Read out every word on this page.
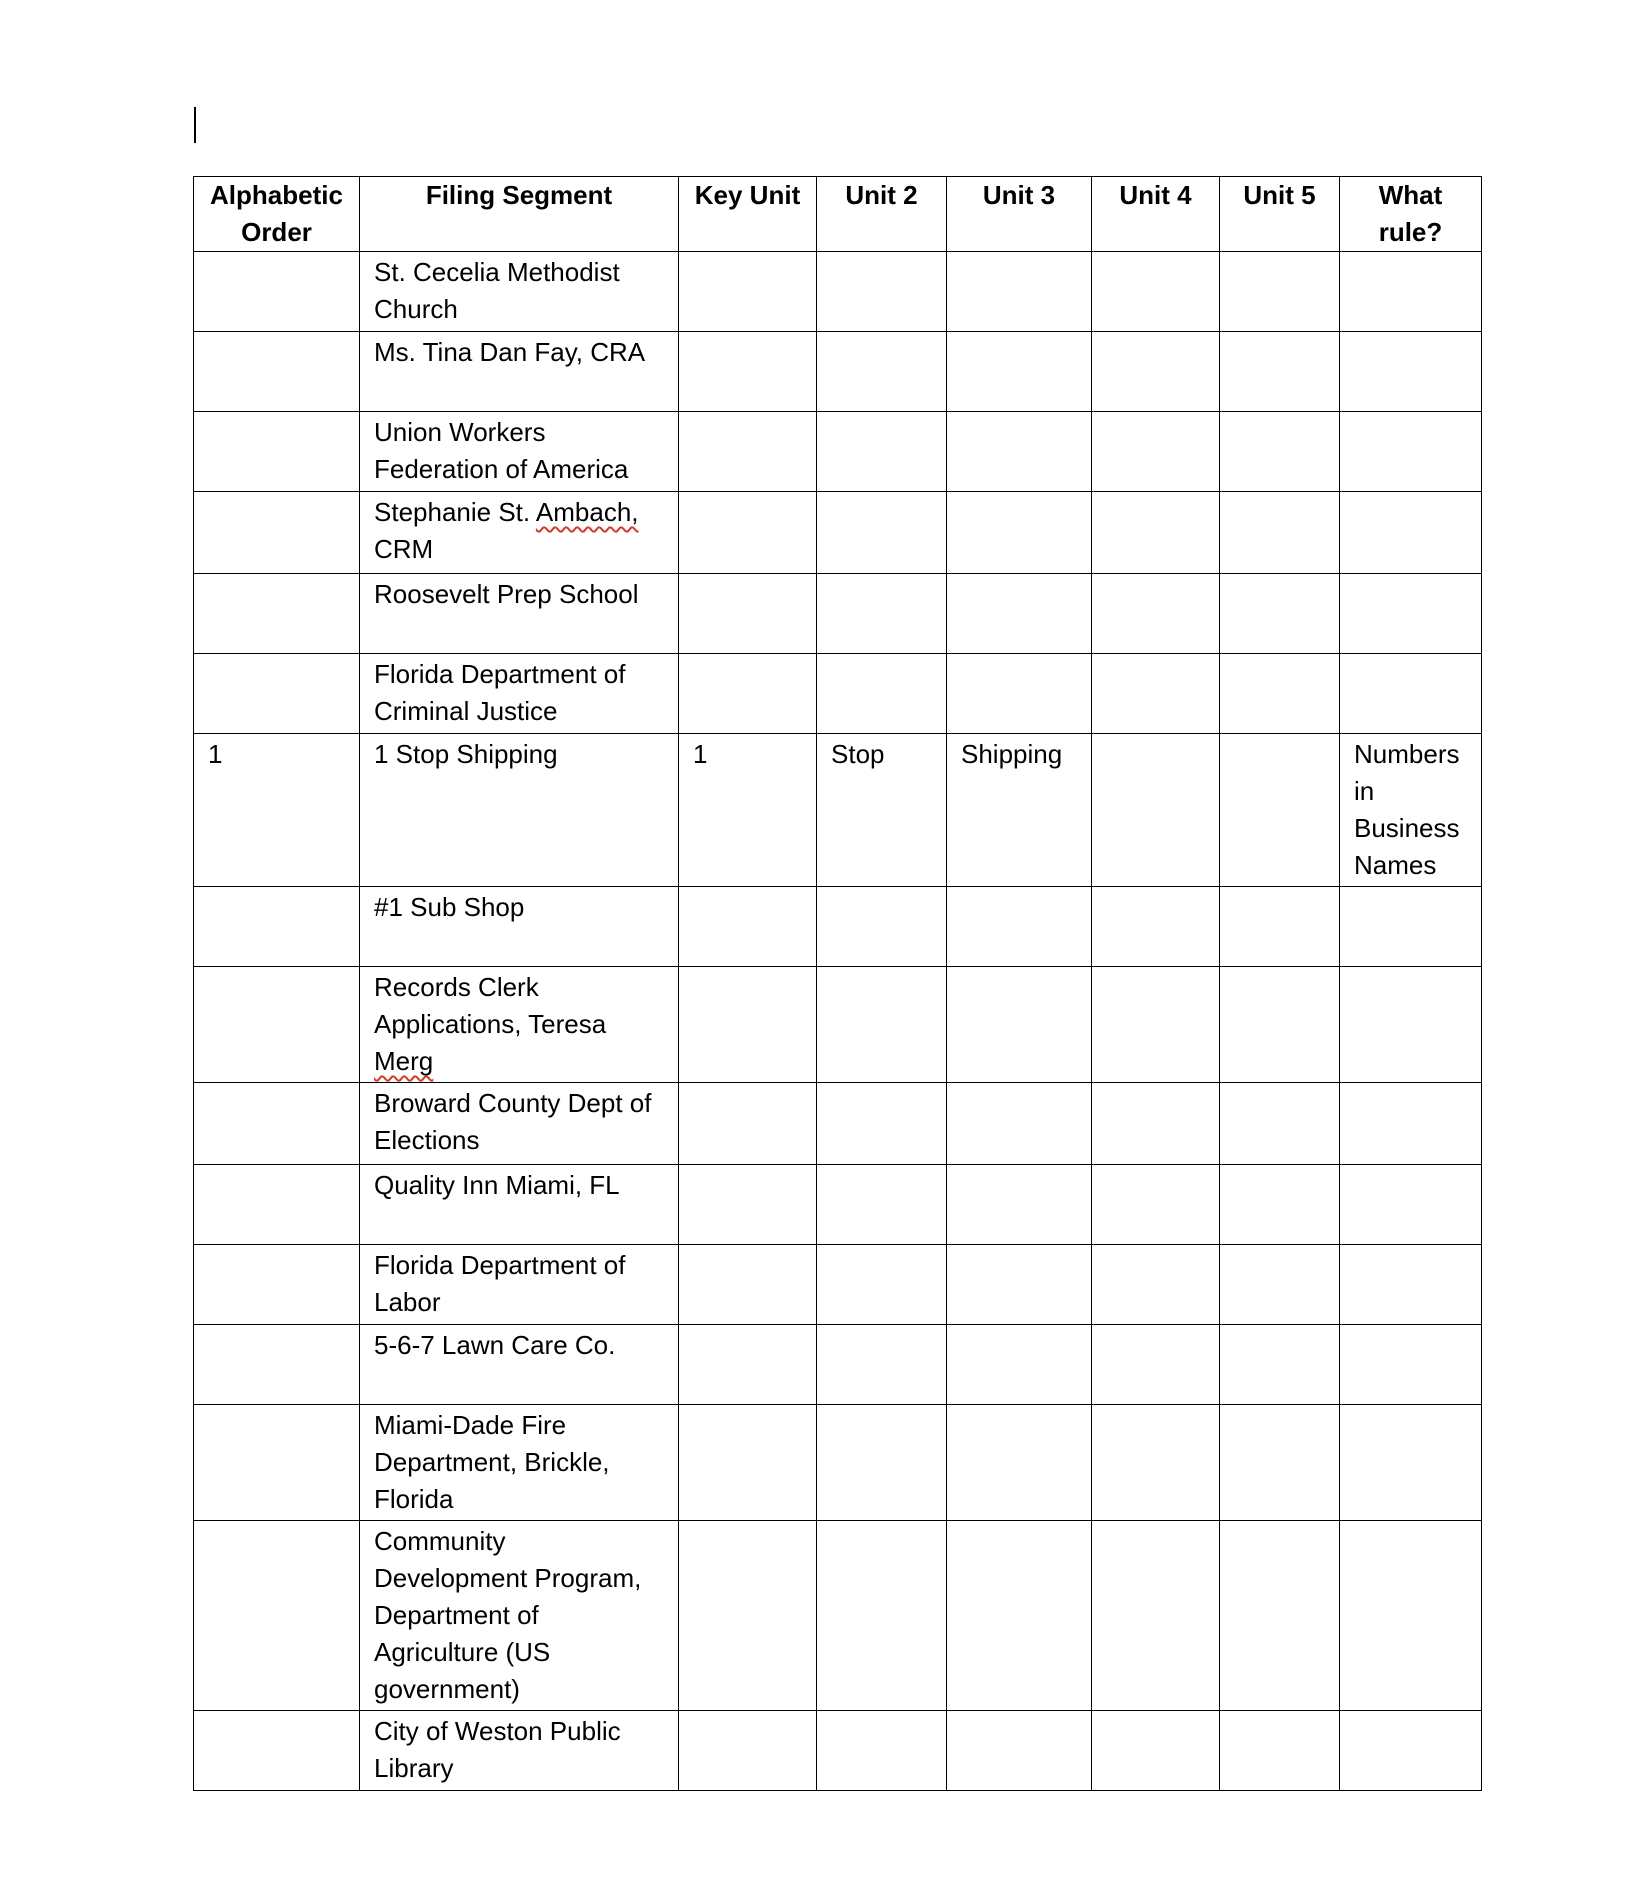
Alphabetic Order	Filing Segment	Key Unit	Unit 2	Unit 3	Unit 4	Unit 5	What rule?
	St. Cecelia Methodist Church						
	Ms. Tina Dan Fay, CRA						
	Union Workers Federation of America						
	Stephanie St. Ambach, CRM						
	Roosevelt Prep School						
	Florida Department of Criminal Justice						
1	1 Stop Shipping	1	Stop	Shipping			Numbers in Business Names
	#1 Sub Shop						
	Records Clerk Applications, Teresa Merg						
	Broward County Dept of Elections						
	Quality Inn Miami, FL						
	Florida Department of Labor						
	5-6-7 Lawn Care Co.						
	Miami-Dade Fire Department, Brickle, Florida						
	Community Development Program, Department of Agriculture (US government)						
	City of Weston Public Library						
